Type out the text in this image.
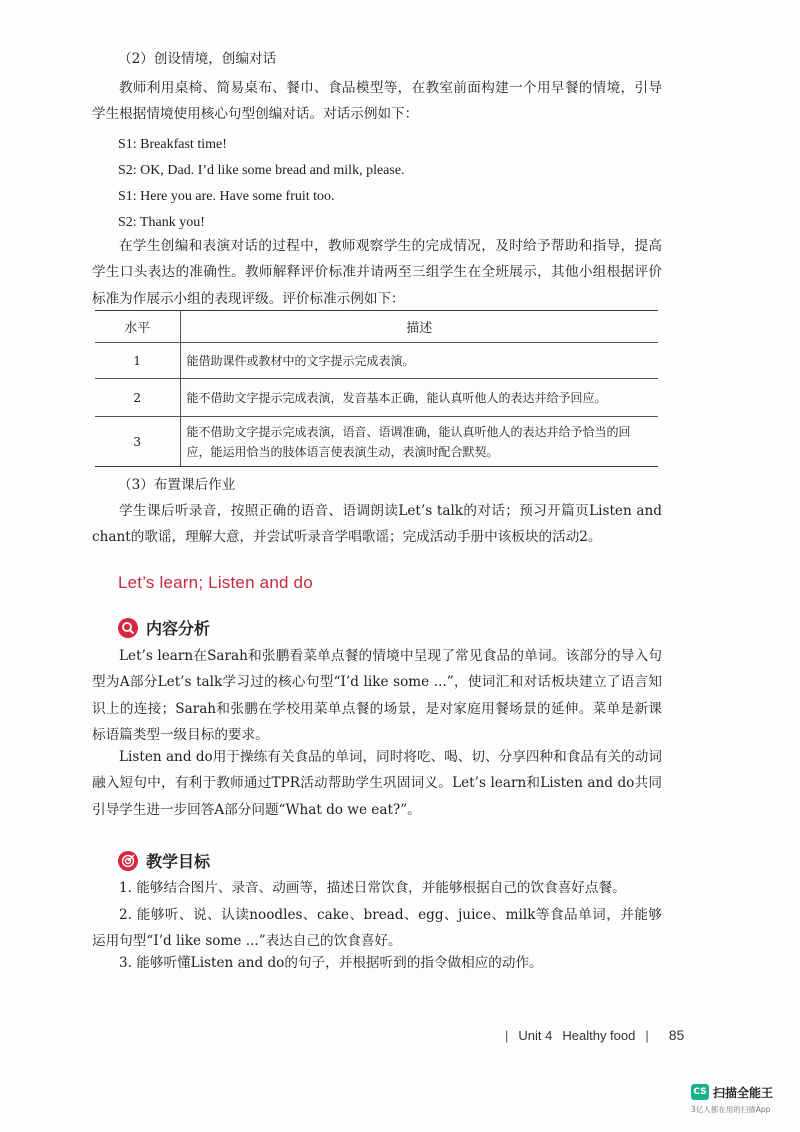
（2）创设情境，创编对话
教师利用桌椅、简易桌布、餐巾、食品模型等，在教室前面构建一个用早餐的情境，引导学生根据情境使用核心句型创编对话。对话示例如下：
S1: Breakfast time!
S2: OK, Dad. I’d like some bread and milk, please.
S1: Here you are. Have some fruit too.
S2: Thank you!
在学生创编和表演对话的过程中，教师观察学生的完成情况，及时给予帮助和指导，提高学生口头表达的准确性。教师解释评价标准并请两至三组学生在全班展示，其他小组根据评价标准为作展示小组的表现评级。评价标准示例如下：
水平	描述
1	能借助课件或教材中的文字提示完成表演。
2	能不借助文字提示完成表演，发音基本正确，能认真听他人的表达并给予回应。
3	能不借助文字提示完成表演，语音、语调准确，能认真听他人的表达并给予恰当的回应，能运用恰当的肢体语言使表演生动，表演时配合默契。
（3）布置课后作业
学生课后听录音，按照正确的语音、语调朗读Let’s talk的对话；预习开篇页Listen and chant的歌谣，理解大意，并尝试听录音学唱歌谣；完成活动手册中该板块的活动2。
Let’s learn; Listen and do
内容分析
Let’s learn在Sarah和张鹏看菜单点餐的情境中呈现了常见食品的单词。该部分的导入句型为A部分Let’s talk学习过的核心句型“I’d like some ...”，使词汇和对话板块建立了语言知识上的连接；Sarah和张鹏在学校用菜单点餐的场景，是对家庭用餐场景的延伸。菜单是新课标语篇类型一级目标的要求。
Listen and do用于操练有关食品的单词，同时将吃、喝、切、分享四种和食品有关的动词融入短句中，有利于教师通过TPR活动帮助学生巩固词义。Let’s learn和Listen and do共同引导学生进一步回答A部分问题“What do we eat?”。
教学目标
1. 能够结合图片、录音、动画等，描述日常饮食，并能够根据自己的饮食喜好点餐。
2. 能够听、说、认读noodles、cake、bread、egg、juice、milk等食品单词，并能够运用句型“I’d like some ...”表达自己的饮食喜好。
3. 能够听懂Listen and do的句子，并根据听到的指令做相应的动作。
| Unit 4 Healthy food | 85
CS 扫描全能王
3亿人都在用的扫描App
